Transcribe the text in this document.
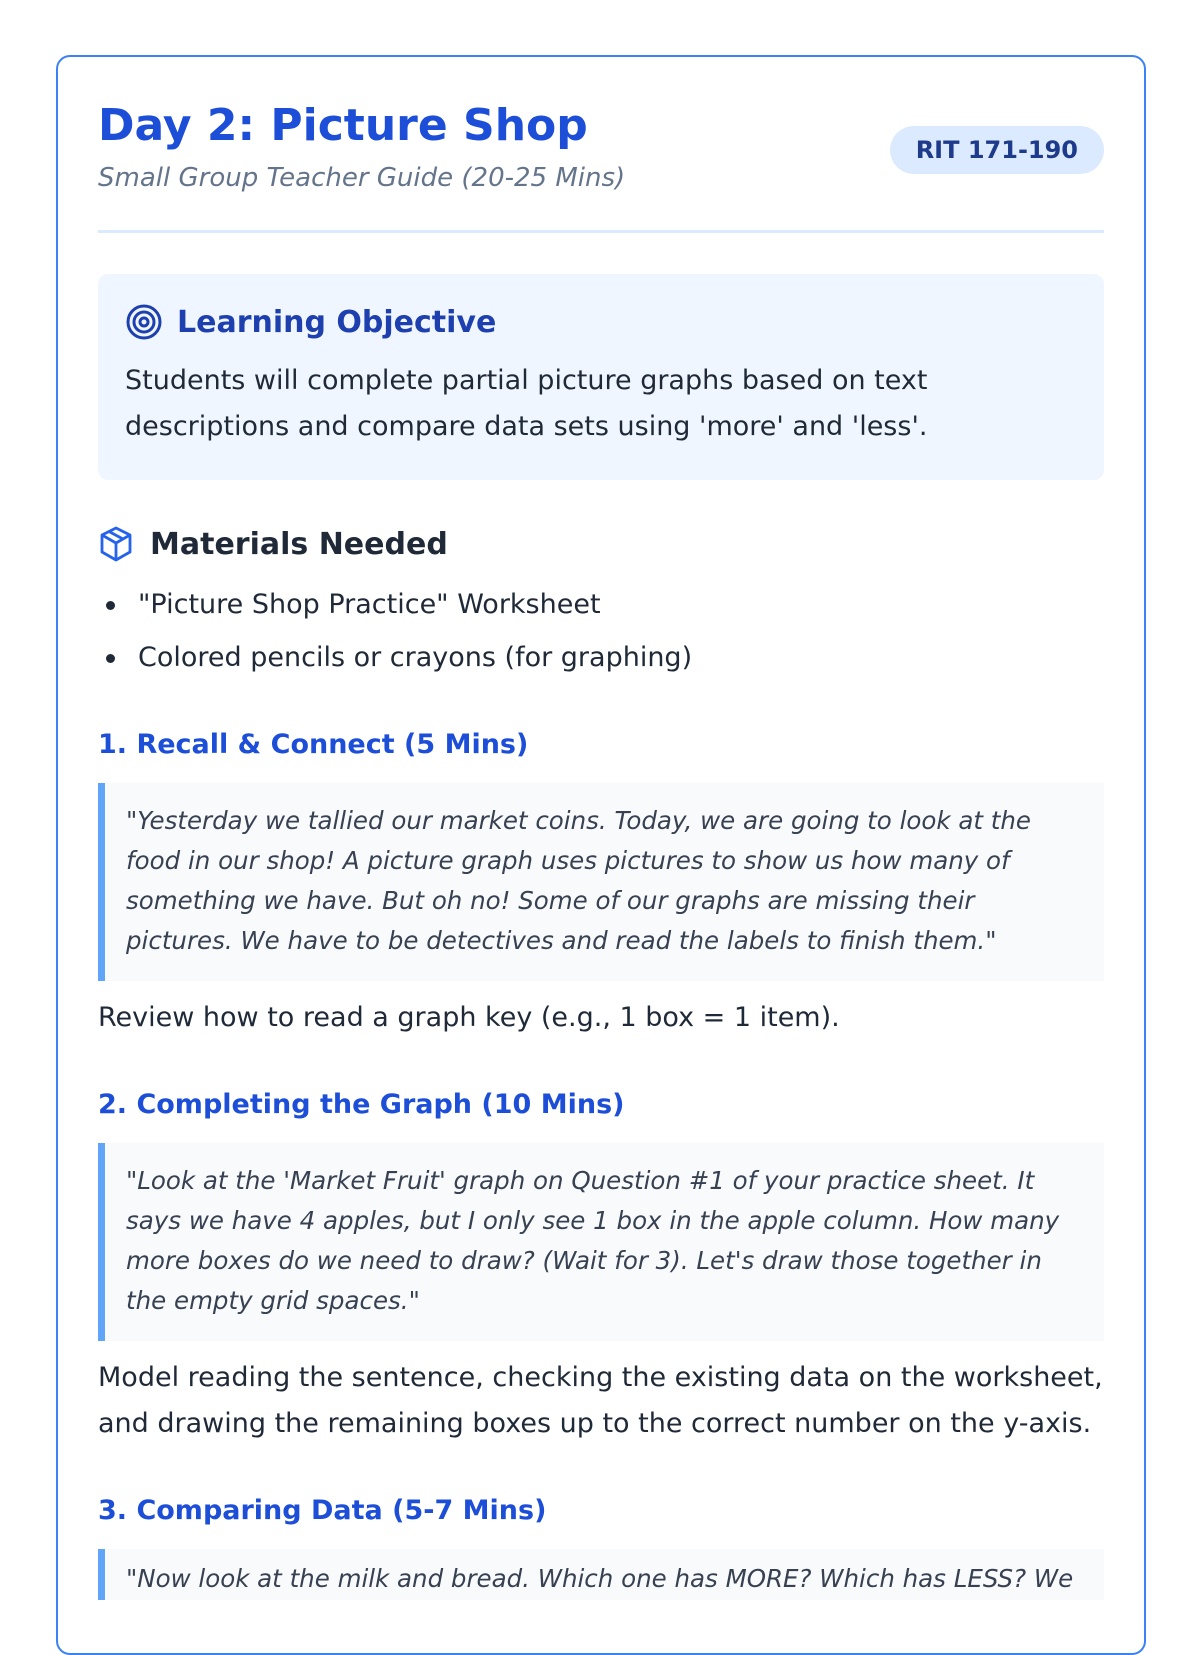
Day 2: Picture Shop
Small Group Teacher Guide (20-25 Mins)
RIT 171-190
Learning Objective
Students will complete partial picture graphs based on text descriptions and compare data sets using 'more' and 'less'.
Materials Needed
"Picture Shop Practice" Worksheet
Colored pencils or crayons (for graphing)
1. Recall & Connect (5 Mins)
"Yesterday we tallied our market coins. Today, we are going to look at the food in our shop! A picture graph uses pictures to show us how many of something we have. But oh no! Some of our graphs are missing their pictures. We have to be detectives and read the labels to finish them."
Review how to read a graph key (e.g., 1 box = 1 item).
2. Completing the Graph (10 Mins)
"Look at the 'Market Fruit' graph on Question #1 of your practice sheet. It says we have 4 apples, but I only see 1 box in the apple column. How many more boxes do we need to draw? (Wait for 3). Let's draw those together in the empty grid spaces."
Model reading the sentence, checking the existing data on the worksheet, and drawing the remaining boxes up to the correct number on the y-axis.
3. Comparing Data (5-7 Mins)
"Now look at the milk and bread. Which one has MORE? Which has LESS? We
